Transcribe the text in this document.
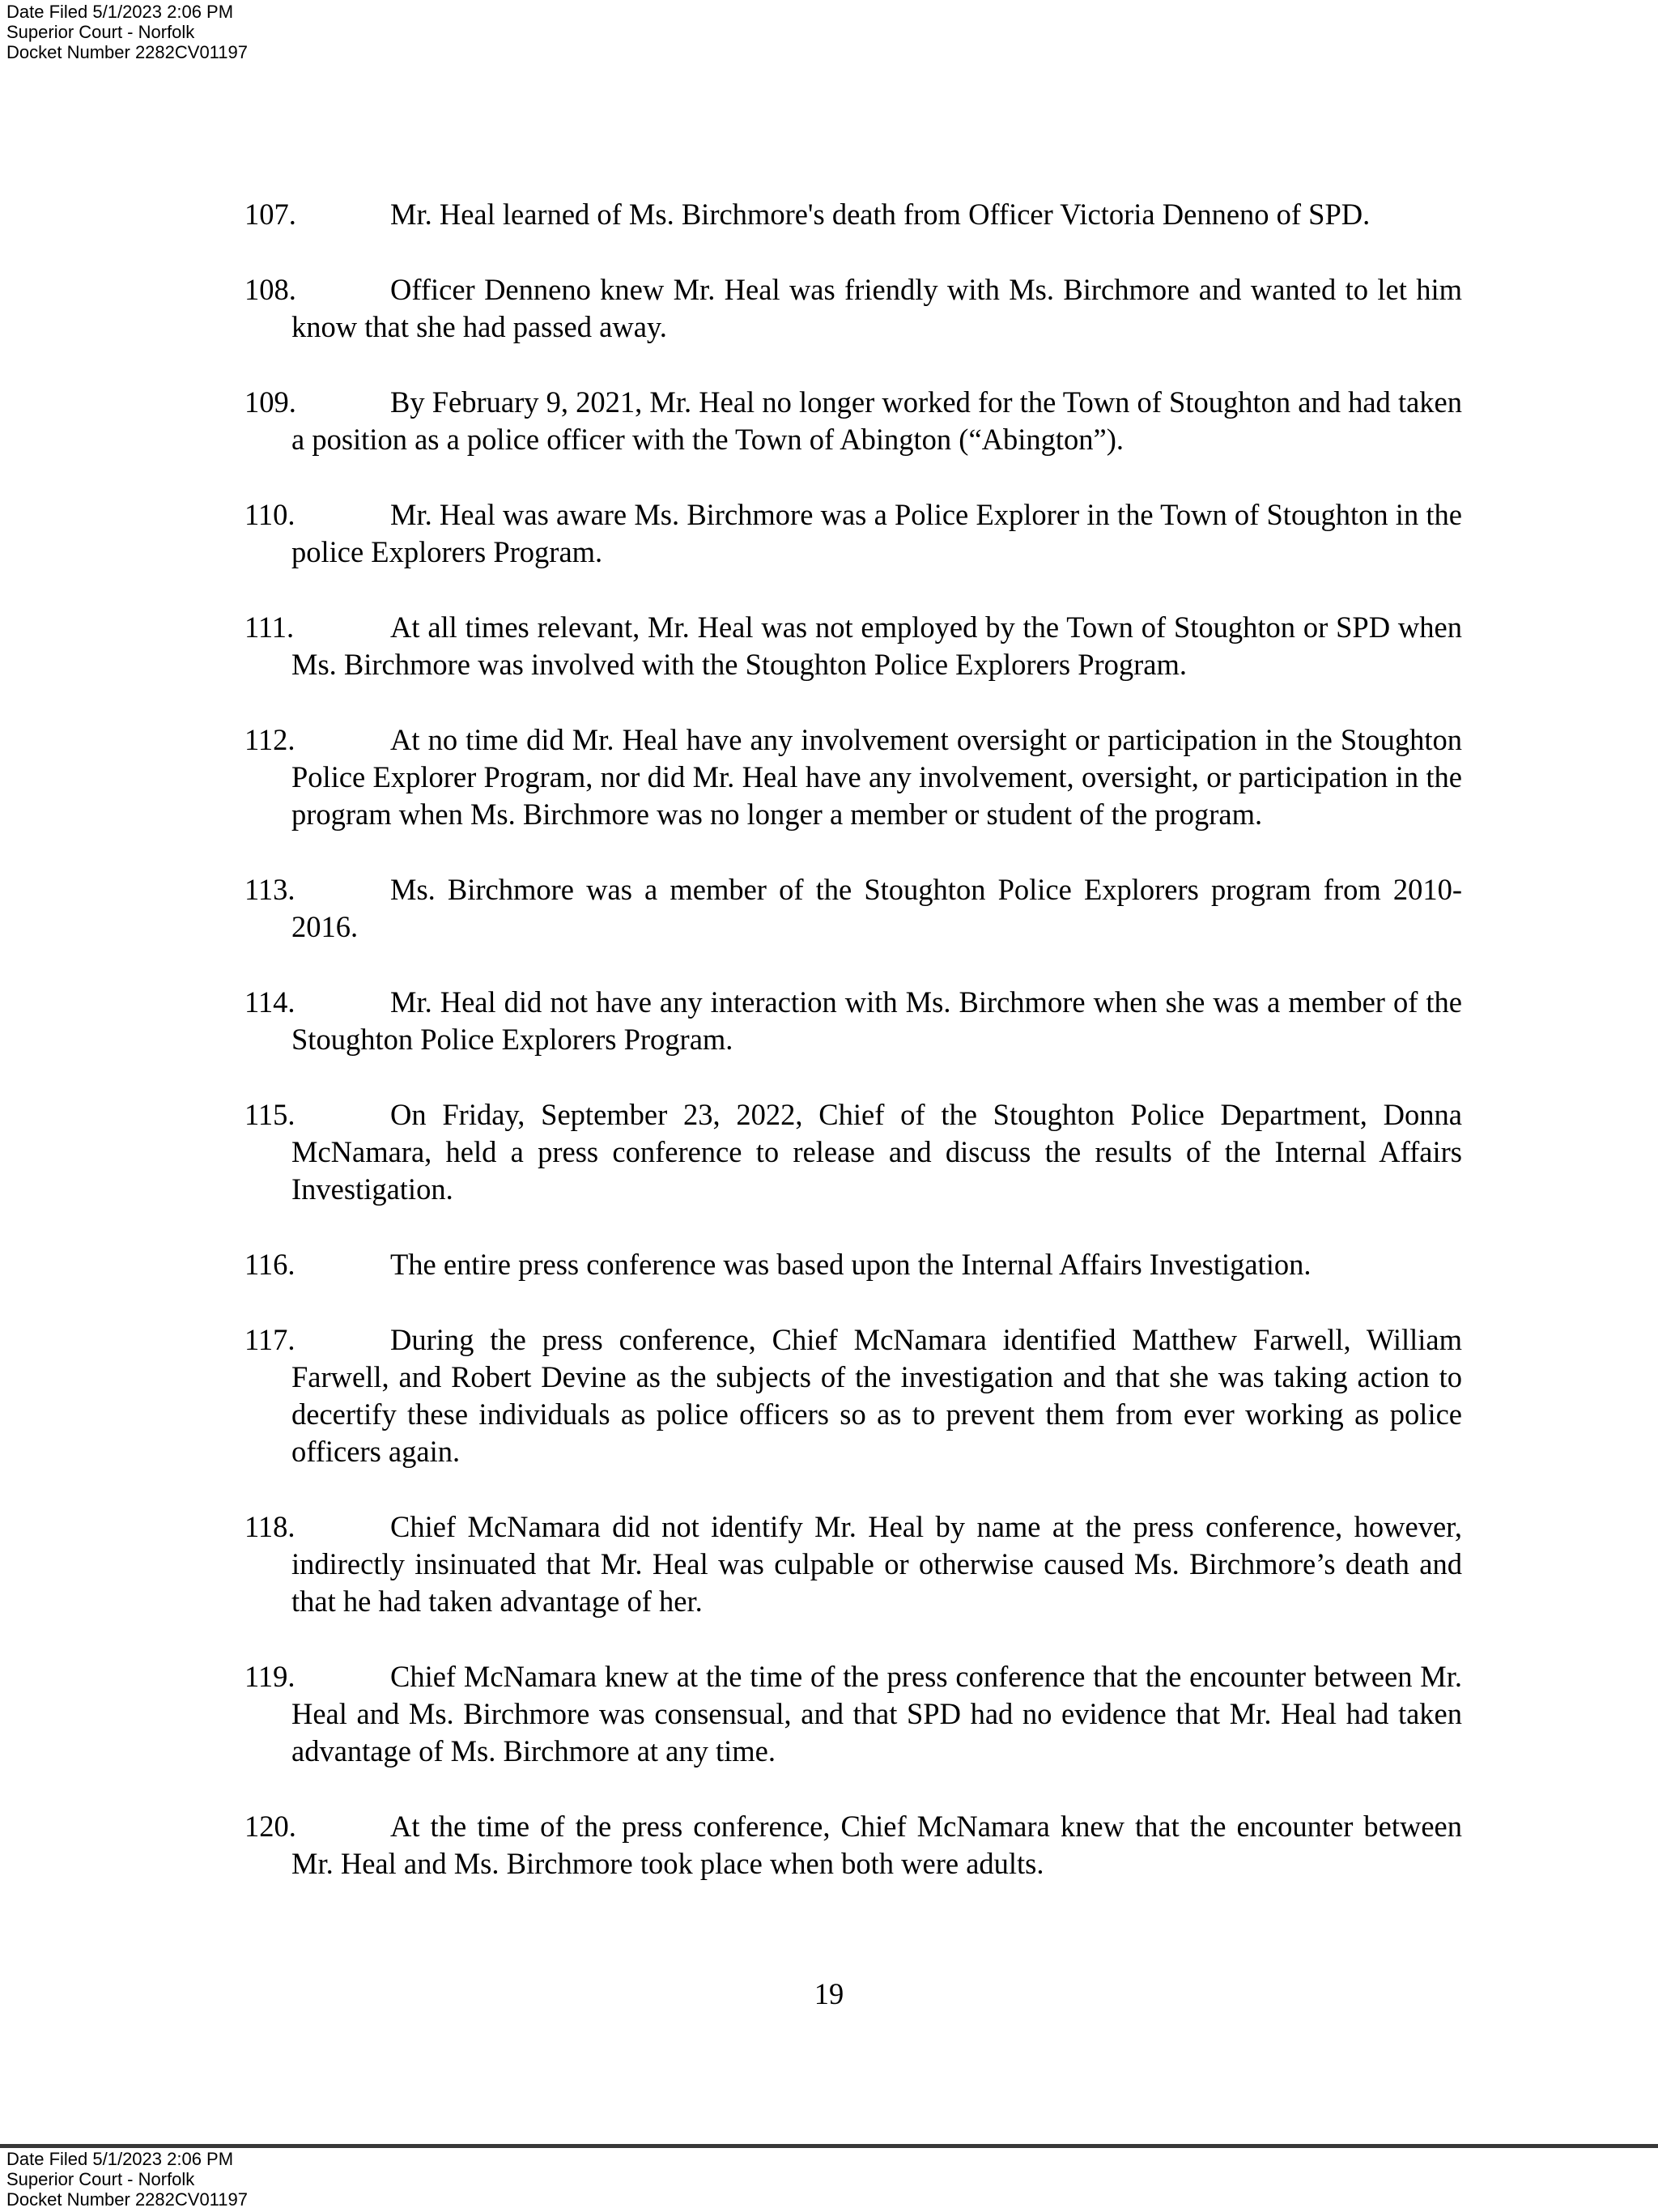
Date Filed 5/1/2023 2:06 PM
Superior Court - Norfolk
Docket Number 2282CV01197
107.	Mr. Heal learned of Ms. Birchmore's death from Officer Victoria Denneno of SPD.
108.	Officer Denneno knew Mr. Heal was friendly with Ms. Birchmore and wanted to let him know that she had passed away.
109.	By February 9, 2021, Mr. Heal no longer worked for the Town of Stoughton and had taken a position as a police officer with the Town of Abington (“Abington”).
110.	Mr. Heal was aware Ms. Birchmore was a Police Explorer in the Town of Stoughton in the police Explorers Program.
111.	At all times relevant, Mr. Heal was not employed by the Town of Stoughton or SPD when Ms. Birchmore was involved with the Stoughton Police Explorers Program.
112.	At no time did Mr. Heal have any involvement oversight or participation in the Stoughton Police Explorer Program, nor did Mr. Heal have any involvement, oversight, or participation in the program when Ms. Birchmore was no longer a member or student of the program.
113.	Ms. Birchmore was a member of the Stoughton Police Explorers program from 2010-2016.
114.	Mr. Heal did not have any interaction with Ms. Birchmore when she was a member of the Stoughton Police Explorers Program.
115.	On Friday, September 23, 2022, Chief of the Stoughton Police Department, Donna McNamara, held a press conference to release and discuss the results of the Internal Affairs Investigation.
116.	The entire press conference was based upon the Internal Affairs Investigation.
117.	During the press conference, Chief McNamara identified Matthew Farwell, William Farwell, and Robert Devine as the subjects of the investigation and that she was taking action to decertify these individuals as police officers so as to prevent them from ever working as police officers again.
118.	Chief McNamara did not identify Mr. Heal by name at the press conference, however, indirectly insinuated that Mr. Heal was culpable or otherwise caused Ms. Birchmore’s death and that he had taken advantage of her.
119.	Chief McNamara knew at the time of the press conference that the encounter between Mr. Heal and Ms. Birchmore was consensual, and that SPD had no evidence that Mr. Heal had taken advantage of Ms. Birchmore at any time.
120.	At the time of the press conference, Chief McNamara knew that the encounter between Mr. Heal and Ms. Birchmore took place when both were adults.
19
Date Filed 5/1/2023 2:06 PM
Superior Court - Norfolk
Docket Number 2282CV01197
